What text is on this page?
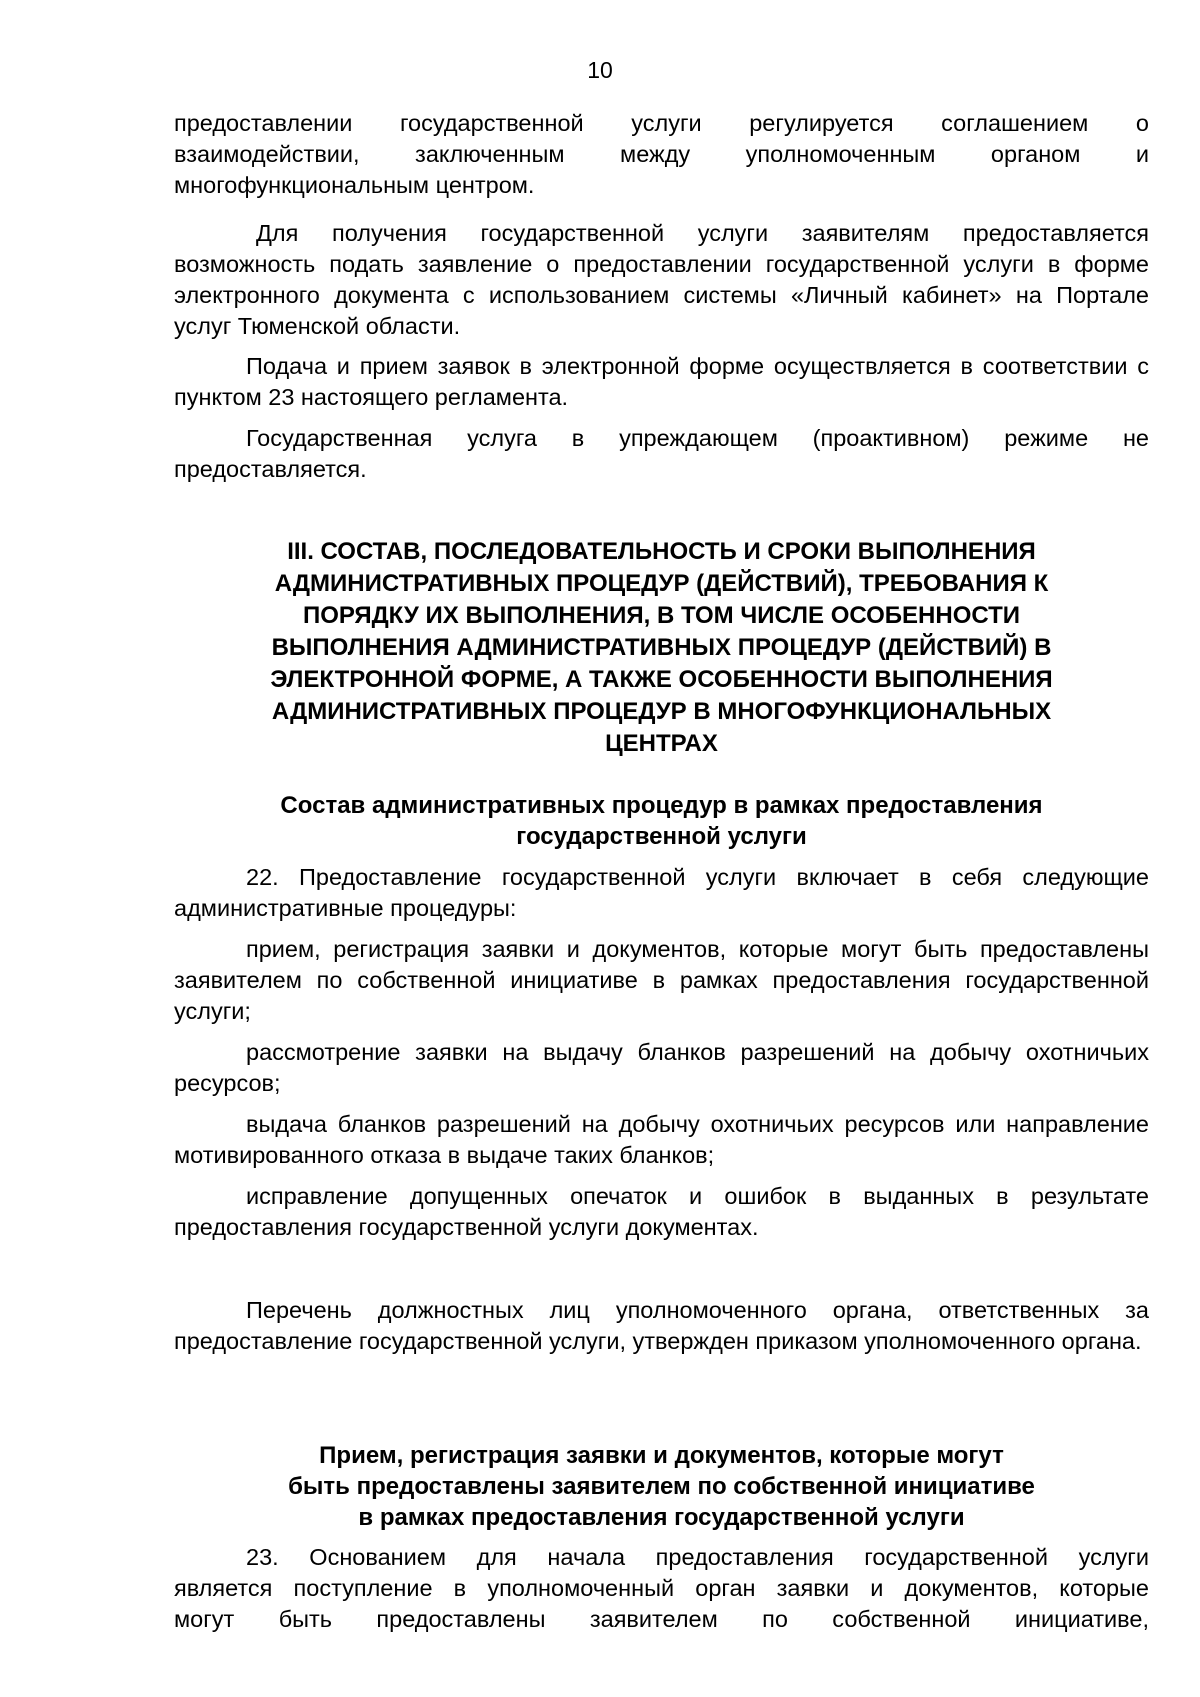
10

предоставлении государственной услуги регулируется соглашением о
взаимодействии, заключенным между уполномоченным органом и
многофункциональным центром.

Для получения государственной услуги заявителям предоставляется возможность подать заявление о предоставлении государственной услуги в форме электронного документа с использованием системы «Личный кабинет» на Портале услуг Тюменской области.

Подача и прием заявок в электронной форме осуществляется в соответствии с пунктом 23 настоящего регламента.

Государственная услуга в упреждающем (проактивном) режиме не предоставляется.

III. СОСТАВ, ПОСЛЕДОВАТЕЛЬНОСТЬ И СРОКИ ВЫПОЛНЕНИЯ
АДМИНИСТРАТИВНЫХ ПРОЦЕДУР (ДЕЙСТВИЙ), ТРЕБОВАНИЯ К
ПОРЯДКУ ИХ ВЫПОЛНЕНИЯ, В ТОМ ЧИСЛЕ ОСОБЕННОСТИ
ВЫПОЛНЕНИЯ АДМИНИСТРАТИВНЫХ ПРОЦЕДУР (ДЕЙСТВИЙ) В
ЭЛЕКТРОННОЙ ФОРМЕ, А ТАКЖЕ ОСОБЕННОСТИ ВЫПОЛНЕНИЯ
АДМИНИСТРАТИВНЫХ ПРОЦЕДУР В МНОГОФУНКЦИОНАЛЬНЫХ
ЦЕНТРАХ
Состав административных процедур в рамках предоставления
государственной услуги

22. Предоставление государственной услуги включает в себя следующие административные процедуры:

прием, регистрация заявки и документов, которые могут быть предоставлены заявителем по собственной инициативе в рамках предоставления государственной услуги;

рассмотрение заявки на выдачу бланков разрешений на добычу охотничьих ресурсов;

выдача бланков разрешений на добычу охотничьих ресурсов или направление мотивированного отказа в выдаче таких бланков;

исправление допущенных опечаток и ошибок в выданных в результате предоставления государственной услуги документах.

Перечень должностных лиц уполномоченного органа, ответственных за предоставление государственной услуги, утвержден приказом уполномоченного органа.

Прием, регистрация заявки и документов, которые могут
быть предоставлены заявителем по собственной инициативе
в рамках предоставления государственной услуги

23. Основанием для начала предоставления государственной услуги
является поступление в уполномоченный орган заявки и документов, которые
могут быть предоставлены заявителем по собственной инициативе,
